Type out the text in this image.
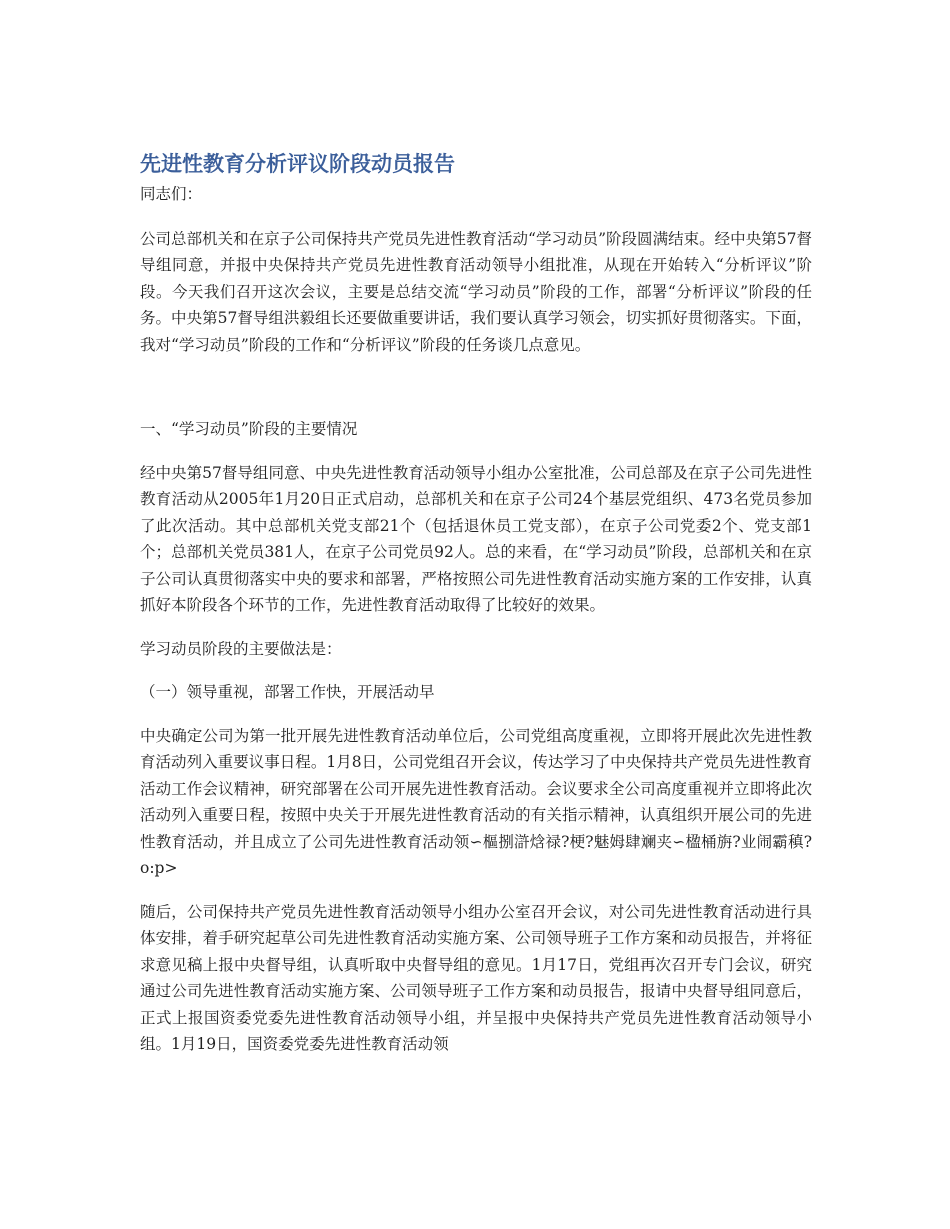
先进性教育分析评议阶段动员报告

同志们：

公司总部机关和在京子公司保持共产党员先进性教育活动“学习动员”阶段圆满结束。经中央第57督导组同意，并报中央保持共产党员先进性教育活动领导小组批准，从现在开始转入“分析评议”阶段。今天我们召开这次会议，主要是总结交流“学习动员”阶段的工作，部署“分析评议”阶段的任务。中央第57督导组洪毅组长还要做重要讲话，我们要认真学习领会，切实抓好贯彻落实。下面，我对“学习动员”阶段的工作和“分析评议”阶段的任务谈几点意见。

一、“学习动员”阶段的主要情况

经中央第57督导组同意、中央先进性教育活动领导小组办公室批准，公司总部及在京子公司先进性教育活动从2005年1月20日正式启动，总部机关和在京子公司24个基层党组织、473名党员参加了此次活动。其中总部机关党支部21个（包括退休员工党支部），在京子公司党委2个、党支部1个；总部机关党员381人，在京子公司党员92人。总的来看，在“学习动员”阶段，总部机关和在京子公司认真贯彻落实中央的要求和部署，严格按照公司先进性教育活动实施方案的工作安排，认真抓好本阶段各个环节的工作，先进性教育活动取得了比较好的效果。

学习动员阶段的主要做法是：

（一）领导重视，部署工作快，开展活动早

中央确定公司为第一批开展先进性教育活动单位后，公司党组高度重视，立即将开展此次先进性教育活动列入重要议事日程。1月8日，公司党组召开会议，传达学习了中央保持共产党员先进性教育活动工作会议精神，研究部署在公司开展先进性教育活动。会议要求全公司高度重视并立即将此次活动列入重要日程，按照中央关于开展先进性教育活动的有关指示精神，认真组织开展公司的先进性教育活动，并且成立了公司先进性教育活动领∽樞捌滸焓禄?梗?魅姆肆斓夹∽楹桶旃?业闹霸稹?o:p>

随后，公司保持共产党员先进性教育活动领导小组办公室召开会议，对公司先进性教育活动进行具体安排，着手研究起草公司先进性教育活动实施方案、公司领导班子工作方案和动员报告，并将征求意见稿上报中央督导组，认真听取中央督导组的意见。1月17日，党组再次召开专门会议，研究通过公司先进性教育活动实施方案、公司领导班子工作方案和动员报告，报请中央督导组同意后，正式上报国资委党委先进性教育活动领导小组，并呈报中央保持共产党员先进性教育活动领导小组。1月19日，国资委党委先进性教育活动领
